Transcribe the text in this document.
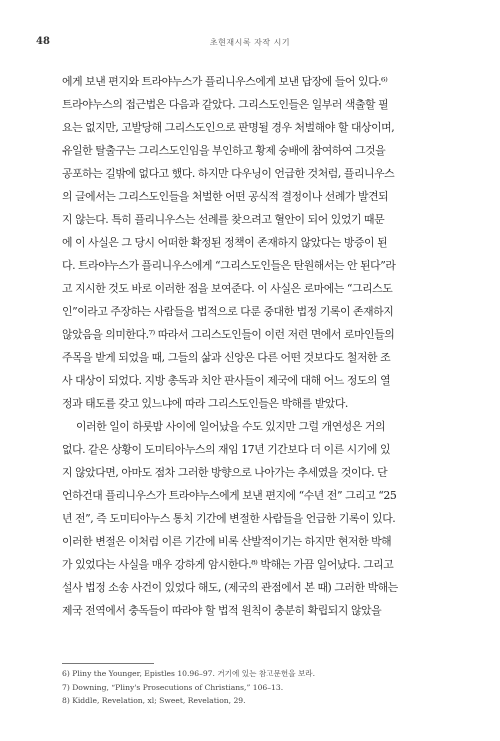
48	초현재시록 자작 시기
에게 보낸 편지와 트라야누스가 플리니우스에게 보낸 답장에 들어 있다.⁶⁾
트라야누스의 접근법은 다음과 같았다. 그리스도인들은 일부러 색출할 필
요는 없지만, 고발당해 그리스도인으로 판명될 경우 처벌해야 할 대상이며,
유일한 탈출구는 그리스도인임을 부인하고 황제 숭배에 참여하여 그것을
공포하는 길밖에 없다고 했다. 하지만 다우닝이 언급한 것처럼, 플리니우스
의 글에서는 그리스도인들을 처벌한 어떤 공식적 결정이나 선례가 발견되
지 않는다. 특히 플리니우스는 선례를 찾으려고 혈안이 되어 있었기 때문
에 이 사실은 그 당시 어떠한 확정된 정책이 존재하지 않았다는 방증이 된
다. 트라야누스가 플리니우스에게 “그리스도인들은 탄원해서는 안 된다”라
고 지시한 것도 바로 이러한 점을 보여준다. 이 사실은 로마에는 “그리스도
인”이라고 주장하는 사람들을 법적으로 다룬 중대한 법정 기록이 존재하지
않았음을 의미한다.⁷⁾ 따라서 그리스도인들이 이런 저런 면에서 로마인들의
주목을 받게 되었을 때, 그들의 삶과 신앙은 다른 어떤 것보다도 철저한 조
사 대상이 되었다. 지방 총독과 치안 판사들이 제국에 대해 어느 정도의 열
정과 태도를 갖고 있느냐에 따라 그리스도인들은 박해를 받았다.
이러한 일이 하룻밤 사이에 일어났을 수도 있지만 그럴 개연성은 거의
없다. 같은 상황이 도미티아누스의 재임 17년 기간보다 더 이른 시기에 있
지 않았다면, 아마도 점차 그러한 방향으로 나아가는 추세였을 것이다. 단
언하건대 플리니우스가 트라야누스에게 보낸 편지에 “수년 전” 그리고 “25
년 전”, 즉 도미티아누스 통치 기간에 변절한 사람들을 언급한 기록이 있다.
이러한 변절은 이처럼 이른 기간에 비록 산발적이기는 하지만 현저한 박해
가 있었다는 사실을 매우 강하게 암시한다.⁸⁾ 박해는 가끔 일어났다. 그리고
설사 법정 소송 사건이 있었다 해도, (제국의 관점에서 본 때) 그러한 박해는
제국 전역에서 충독들이 따라야 할 법적 원칙이 충분히 확립되지 않았을
6) Pliny the Younger, Epistles 10.96–97. 거기에 있는 참고문헌을 보라.
7) Downing, “Pliny's Prosecutions of Christians,” 106–13.
8) Kiddle, Revelation, xl; Sweet, Revelation, 29.
